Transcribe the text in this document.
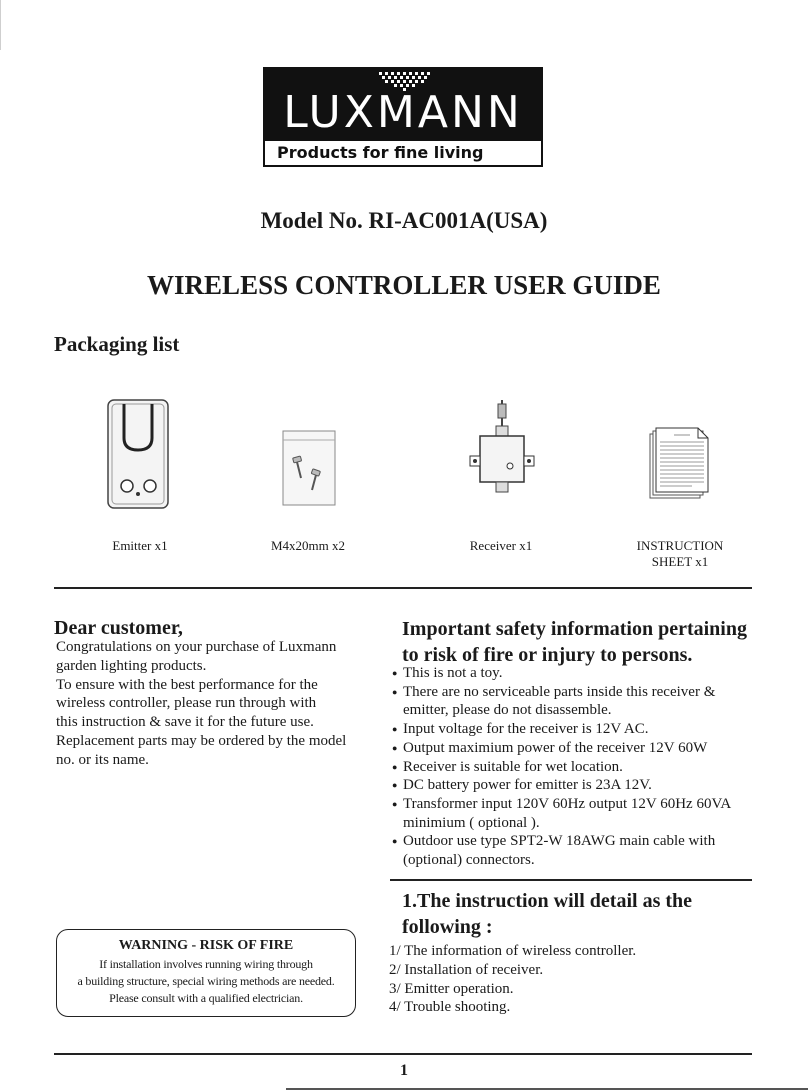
LUXMANN
Products for fine living
Model No. RI-AC001A(USA)
WIRELESS CONTROLLER USER GUIDE
Packaging list
Emitter x1	M4x20mm x2	Receiver x1	INSTRUCTION
SHEET x1
Dear customer,
Congratulations on your purchase of Luxmann
garden lighting products.
To ensure with the best performance for the
wireless controller, please run through with
this instruction & save it for the future use.
Replacement parts may be ordered by the model
no. or its name.
Important safety information pertaining
to risk of fire or injury to persons.
● This is not a toy.
● There are no serviceable parts inside this receiver &
emitter, please do not disassemble.
● Input voltage for the receiver is 12V AC.
● Output maximium power of the receiver 12V 60W
● Receiver is suitable for wet location.
● DC battery power for emitter is 23A 12V.
● Transformer input 120V 60Hz output 12V 60Hz 60VA
minimium ( optional ).
● Outdoor use type SPT2-W 18AWG main cable with
(optional) connectors.
1.The instruction will detail as the
following :
1/ The information of wireless controller.
2/ Installation of receiver.
3/ Emitter operation.
4/ Trouble shooting.
WARNING - RISK OF FIRE
If installation involves running wiring through
a building structure, special wiring methods are needed.
Please consult with a qualified electrician.
1
